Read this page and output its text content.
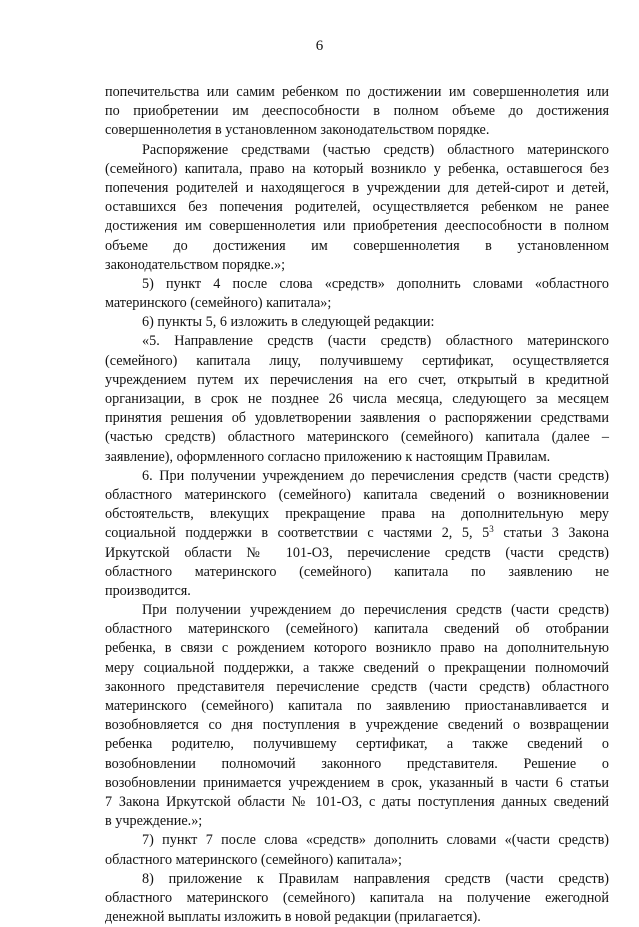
6
попечительства или самим ребенком по достижении им совершеннолетия или
по приобретении им дееспособности в полном объеме до достижения
совершеннолетия в установленном законодательством порядке.
Распоряжение средствами (частью средств) областного материнского
(семейного) капитала, право на который возникло у ребенка, оставшегося без
попечения родителей и находящегося в учреждении для детей-сирот и детей,
оставшихся без попечения родителей, осуществляется ребенком не ранее
достижения им совершеннолетия или приобретения дееспособности в полном
объеме до достижения им совершеннолетия в установленном
законодательством порядке.»;
5) пункт 4 после слова «средств» дополнить словами «областного
материнского (семейного) капитала»;
6) пункты 5, 6 изложить в следующей редакции:
«5. Направление средств (части средств) областного материнского
(семейного) капитала лицу, получившему сертификат, осуществляется
учреждением путем их перечисления на его счет, открытый в кредитной
организации, в срок не позднее 26 числа месяца, следующего за месяцем
принятия решения об удовлетворении заявления о распоряжении средствами
(частью средств) областного материнского (семейного) капитала (далее –
заявление), оформленного согласно приложению к настоящим Правилам.
6. При получении учреждением до перечисления средств (части средств)
областного материнского (семейного) капитала сведений о возникновении
обстоятельств, влекущих прекращение права на дополнительную меру
социальной поддержки в соответствии с частями 2, 5, $5^3$ статьи 3 Закона
Иркутской области № 101-ОЗ, перечисление средств (части средств)
областного материнского (семейного) капитала по заявлению не
производится.
При получении учреждением до перечисления средств (части средств)
областного материнского (семейного) капитала сведений об отобрании
ребенка, в связи с рождением которого возникло право на дополнительную
меру социальной поддержки, а также сведений о прекращении полномочий
законного представителя перечисление средств (части средств) областного
материнского (семейного) капитала по заявлению приостанавливается и
возобновляется со дня поступления в учреждение сведений о возвращении
ребенка родителю, получившему сертификат, а также сведений о
возобновлении полномочий законного представителя. Решение о
возобновлении принимается учреждением в срок, указанный в части 6 статьи
7 Закона Иркутской области № 101-ОЗ, с даты поступления данных сведений
в учреждение.»;
7) пункт 7 после слова «средств» дополнить словами «(части средств)
областного материнского (семейного) капитала»;
8) приложение к Правилам направления средств (части средств)
областного материнского (семейного) капитала на получение ежегодной
денежной выплаты изложить в новой редакции (прилагается).
